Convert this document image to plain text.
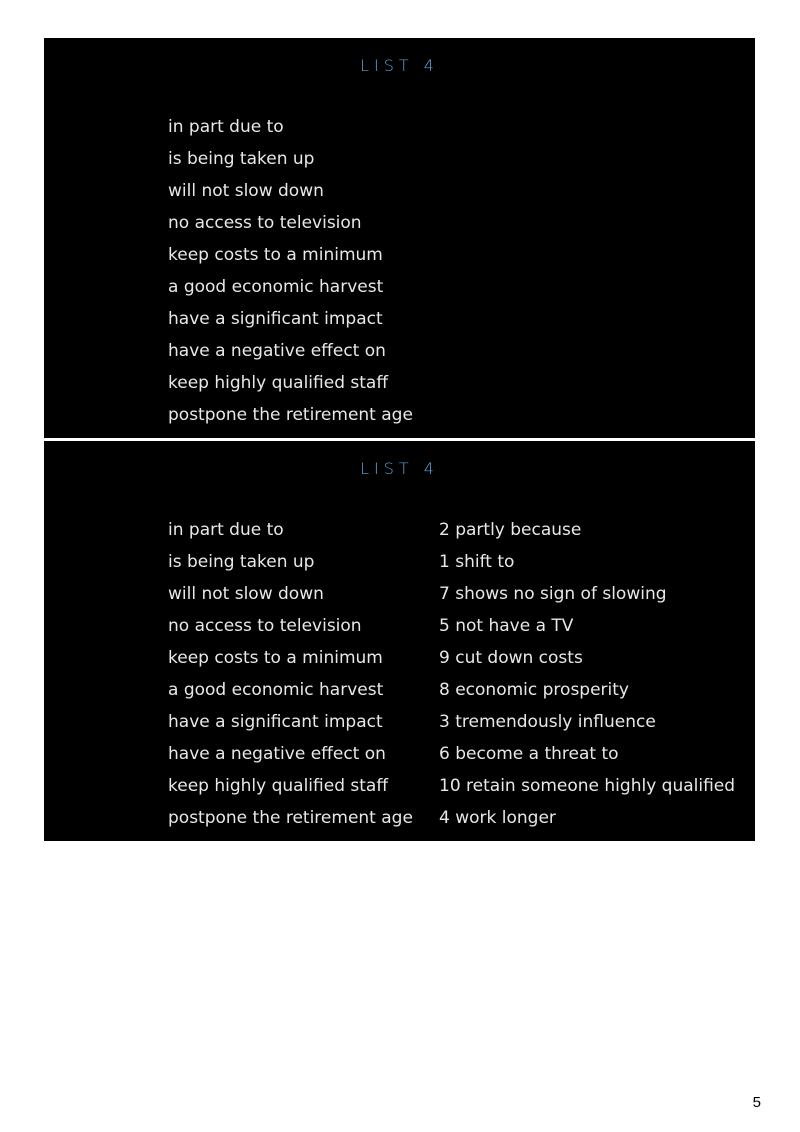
LIST 4
in part due to
is being taken up
will not slow down
no access to television
keep costs to a minimum
a good economic harvest
have a significant impact
have a negative effect on
keep highly qualified staff
postpone the retirement age
LIST 4
in part due to
is being taken up
will not slow down
no access to television
keep costs to a minimum
a good economic harvest
have a significant impact
have a negative effect on
keep highly qualified staff
postpone the retirement age
2 partly because
1 shift to
7 shows no sign of slowing
5 not have a TV
9 cut down costs
8 economic prosperity
3 tremendously influence
6 become a threat to
10 retain someone highly qualified
4 work longer
5
